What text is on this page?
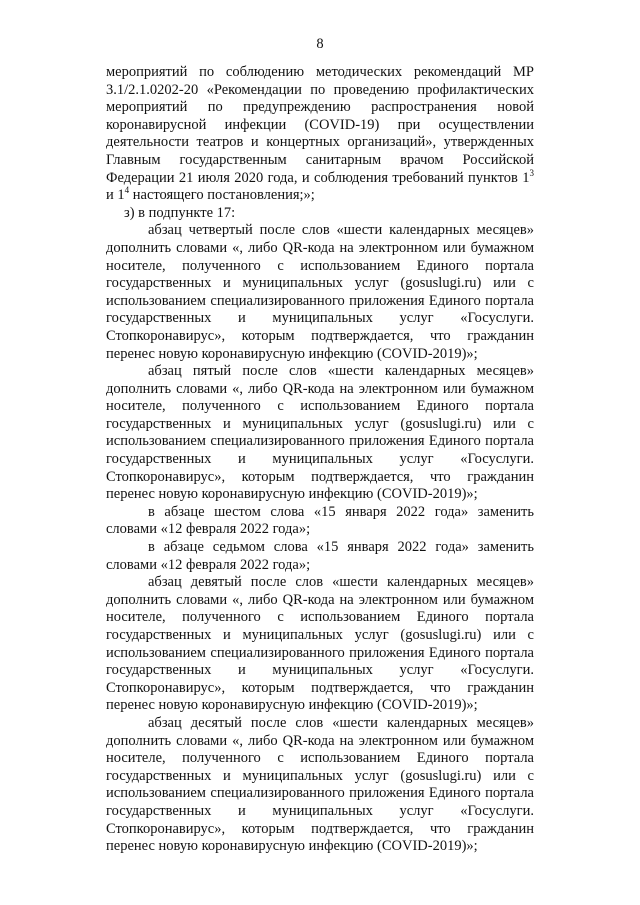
8

мероприятий по соблюдению методических рекомендаций МР 3.1/2.1.0202-20 «Рекомендации по проведению профилактических мероприятий по предупреждению распространения новой коронавирусной инфекции (COVID-19) при осуществлении деятельности театров и концертных организаций», утвержденных Главным государственным санитарным врачом Российской Федерации 21 июля 2020 года, и соблюдения требований пунктов $1^3$ и $1^4$ настоящего постановления;»;

з) в подпункте 17:

абзац четвертый после слов «шести календарных месяцев» дополнить словами «, либо QR-кода на электронном или бумажном носителе, полученного с использованием Единого портала государственных и муниципальных услуг (gosuslugi.ru) или с использованием специализированного приложения Единого портала государственных и муниципальных услуг «Госуслуги. Стопкоронавирус», которым подтверждается, что гражданин перенес новую коронавирусную инфекцию (COVID-2019)»;

абзац пятый после слов «шести календарных месяцев» дополнить словами «, либо QR-кода на электронном или бумажном носителе, полученного с использованием Единого портала государственных и муниципальных услуг (gosuslugi.ru) или с использованием специализированного приложения Единого портала государственных и муниципальных услуг «Госуслуги. Стопкоронавирус», которым подтверждается, что гражданин перенес новую коронавирусную инфекцию (COVID-2019)»;

в абзаце шестом слова «15 января 2022 года» заменить словами «12 февраля 2022 года»;

в абзаце седьмом слова «15 января 2022 года» заменить словами «12 февраля 2022 года»;

абзац девятый после слов «шести календарных месяцев» дополнить словами «, либо QR-кода на электронном или бумажном носителе, полученного с использованием Единого портала государственных и муниципальных услуг (gosuslugi.ru) или с использованием специализированного приложения Единого портала государственных и муниципальных услуг «Госуслуги. Стопкоронавирус», которым подтверждается, что гражданин перенес новую коронавирусную инфекцию (COVID-2019)»;

абзац десятый после слов «шести календарных месяцев» дополнить словами «, либо QR-кода на электронном или бумажном носителе, полученного с использованием Единого портала государственных и муниципальных услуг (gosuslugi.ru) или с использованием специализированного приложения Единого портала государственных и муниципальных услуг «Госуслуги. Стопкоронавирус», которым подтверждается, что гражданин перенес новую коронавирусную инфекцию (COVID-2019)»;
